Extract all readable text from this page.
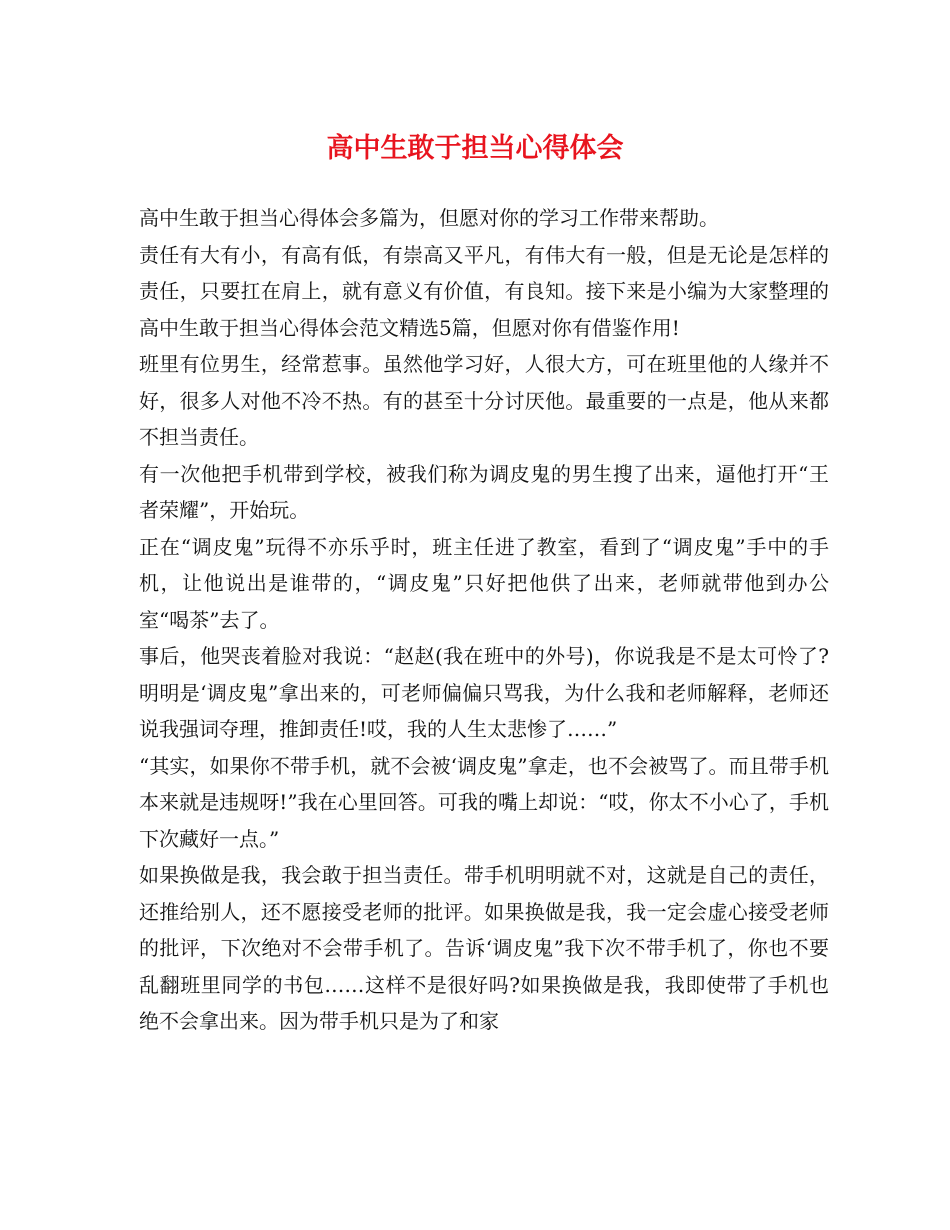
高中生敢于担当心得体会

高中生敢于担当心得体会多篇为，但愿对你的学习工作带来帮助。

责任有大有小，有高有低，有崇高又平凡，有伟大有一般，但是无论是怎样的责任，只要扛在肩上，就有意义有价值，有良知。接下来是小编为大家整理的高中生敢于担当心得体会范文精选5篇，但愿对你有借鉴作用!

班里有位男生，经常惹事。虽然他学习好，人很大方，可在班里他的人缘并不好，很多人对他不冷不热。有的甚至十分讨厌他。最重要的一点是，他从来都不担当责任。

有一次他把手机带到学校，被我们称为调皮鬼的男生搜了出来，逼他打开“王者荣耀”，开始玩。

正在“调皮鬼”玩得不亦乐乎时，班主任进了教室，看到了“调皮鬼”手中的手机，让他说出是谁带的，“调皮鬼”只好把他供了出来，老师就带他到办公室“喝茶”去了。

事后，他哭丧着脸对我说：“赵赵(我在班中的外号)，你说我是不是太可怜了?明明是‘调皮鬼”拿出来的，可老师偏偏只骂我，为什么我和老师解释，老师还说我强词夺理，推卸责任!哎，我的人生太悲惨了……”

“其实，如果你不带手机，就不会被‘调皮鬼”拿走，也不会被骂了。而且带手机本来就是违规呀!”我在心里回答。可我的嘴上却说：“哎，你太不小心了，手机下次藏好一点。”

如果换做是我，我会敢于担当责任。带手机明明就不对，这就是自己的责任，还推给别人，还不愿接受老师的批评。如果换做是我，我一定会虚心接受老师的批评，下次绝对不会带手机了。告诉‘调皮鬼”我下次不带手机了，你也不要乱翻班里同学的书包……这样不是很好吗?如果换做是我，我即使带了手机也绝不会拿出来。因为带手机只是为了和家
